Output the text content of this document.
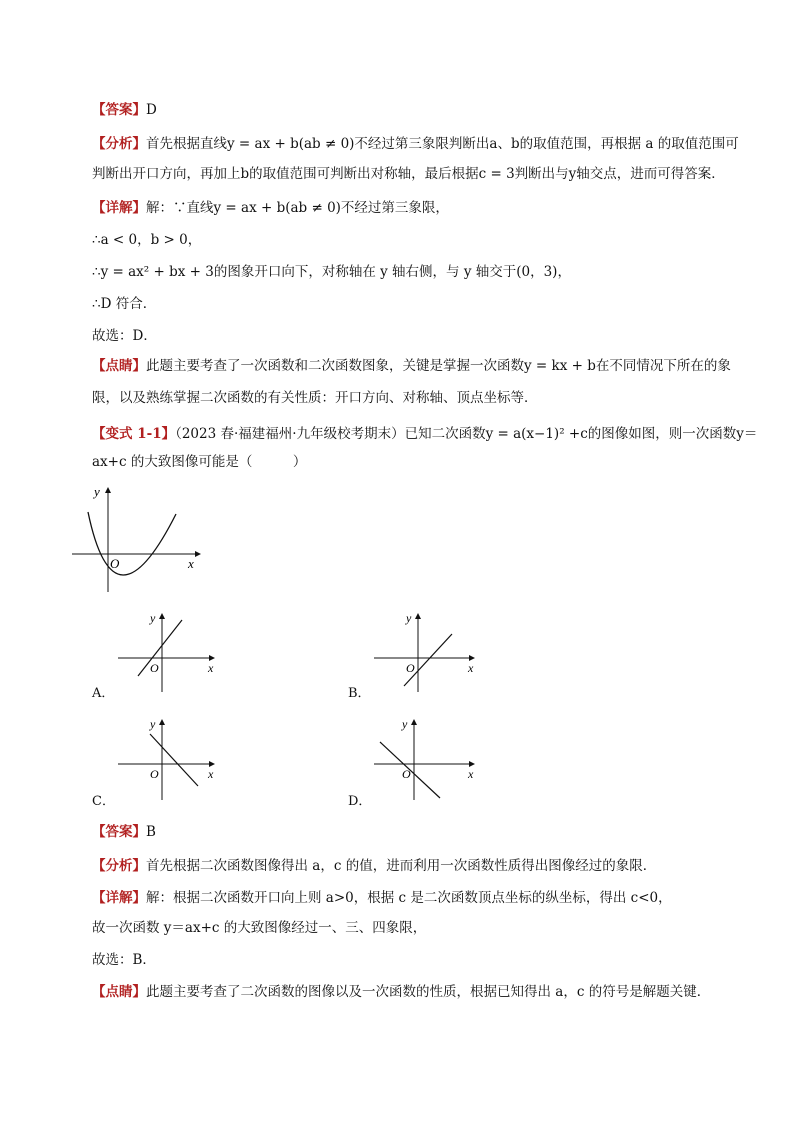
【答案】D
【分析】首先根据直线y = ax + b(ab ≠ 0)不经过第三象限判断出a、b的取值范围，再根据 a 的取值范围可
判断出开口方向，再加上b的取值范围可判断出对称轴，最后根据c = 3判断出与y轴交点，进而可得答案．
【详解】解：∵直线y = ax + b(ab ≠ 0)不经过第三象限，
∴a < 0，b > 0，
∴y = ax² + bx + 3的图象开口向下，对称轴在 y 轴右侧，与 y 轴交于(0，3)，
∴D 符合．
故选：D．
【点睛】此题主要考查了一次函数和二次函数图象，关键是掌握一次函数y = kx + b在不同情况下所在的象
限，以及熟练掌握二次函数的有关性质：开口方向、对称轴、顶点坐标等．
【变式 1-1】（2023 春·福建福州·九年级校考期末）已知二次函数y = a(x−1)² +c的图像如图，则一次函数y＝
ax+c 的大致图像可能是（　　　）
y
O	x
y
O	x
A．
y
O	x
B．
y
O	x
C．
y
O	x
D．
【答案】B
【分析】首先根据二次函数图像得出 a，c 的值，进而利用一次函数性质得出图像经过的象限．
【详解】解：根据二次函数开口向上则 a>0，根据 c 是二次函数顶点坐标的纵坐标，得出 c<0，
故一次函数 y＝ax+c 的大致图像经过一、三、四象限，
故选：B．
【点睛】此题主要考查了二次函数的图像以及一次函数的性质，根据已知得出 a，c 的符号是解题关键．
